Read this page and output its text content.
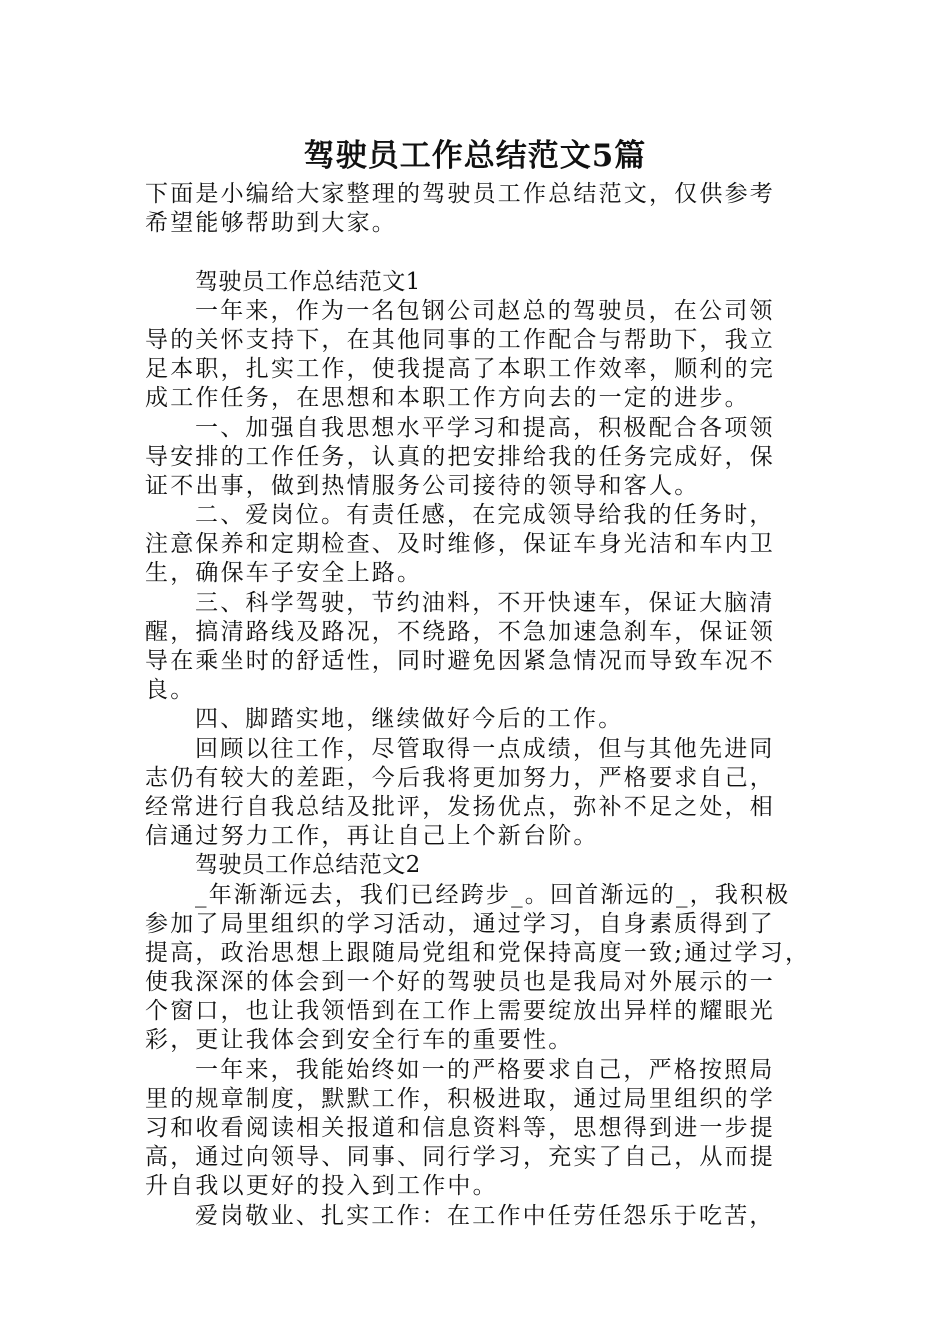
驾驶员工作总结范文5篇
下面是小编给大家整理的驾驶员工作总结范文，仅供参考
希望能够帮助到大家。
驾驶员工作总结范文1
一年来，作为一名包钢公司赵总的驾驶员，在公司领
导的关怀支持下，在其他同事的工作配合与帮助下，我立
足本职，扎实工作，使我提高了本职工作效率，顺利的完
成工作任务，在思想和本职工作方向去的一定的进步。
一、加强自我思想水平学习和提高，积极配合各项领
导安排的工作任务，认真的把安排给我的任务完成好，保
证不出事，做到热情服务公司接待的领导和客人。
二、爱岗位。有责任感，在完成领导给我的任务时，
注意保养和定期检查、及时维修，保证车身光洁和车内卫
生，确保车子安全上路。
三、科学驾驶，节约油料，不开快速车，保证大脑清
醒，搞清路线及路况，不绕路，不急加速急刹车，保证领
导在乘坐时的舒适性，同时避免因紧急情况而导致车况不
良。
四、脚踏实地，继续做好今后的工作。
回顾以往工作，尽管取得一点成绩，但与其他先进同
志仍有较大的差距，今后我将更加努力，严格要求自己，
经常进行自我总结及批评，发扬优点，弥补不足之处，相
信通过努力工作，再让自己上个新台阶。
驾驶员工作总结范文2
_年渐渐远去，我们已经跨步_。回首渐远的_，我积极
参加了局里组织的学习活动，通过学习，自身素质得到了
提高，政治思想上跟随局党组和党保持高度一致;通过学习，
使我深深的体会到一个好的驾驶员也是我局对外展示的一
个窗口，也让我领悟到在工作上需要绽放出异样的耀眼光
彩，更让我体会到安全行车的重要性。
一年来，我能始终如一的严格要求自己，严格按照局
里的规章制度，默默工作，积极进取，通过局里组织的学
习和收看阅读相关报道和信息资料等，思想得到进一步提
高，通过向领导、同事、同行学习，充实了自己，从而提
升自我以更好的投入到工作中。
爱岗敬业、扎实工作：在工作中任劳任怨乐于吃苦，
